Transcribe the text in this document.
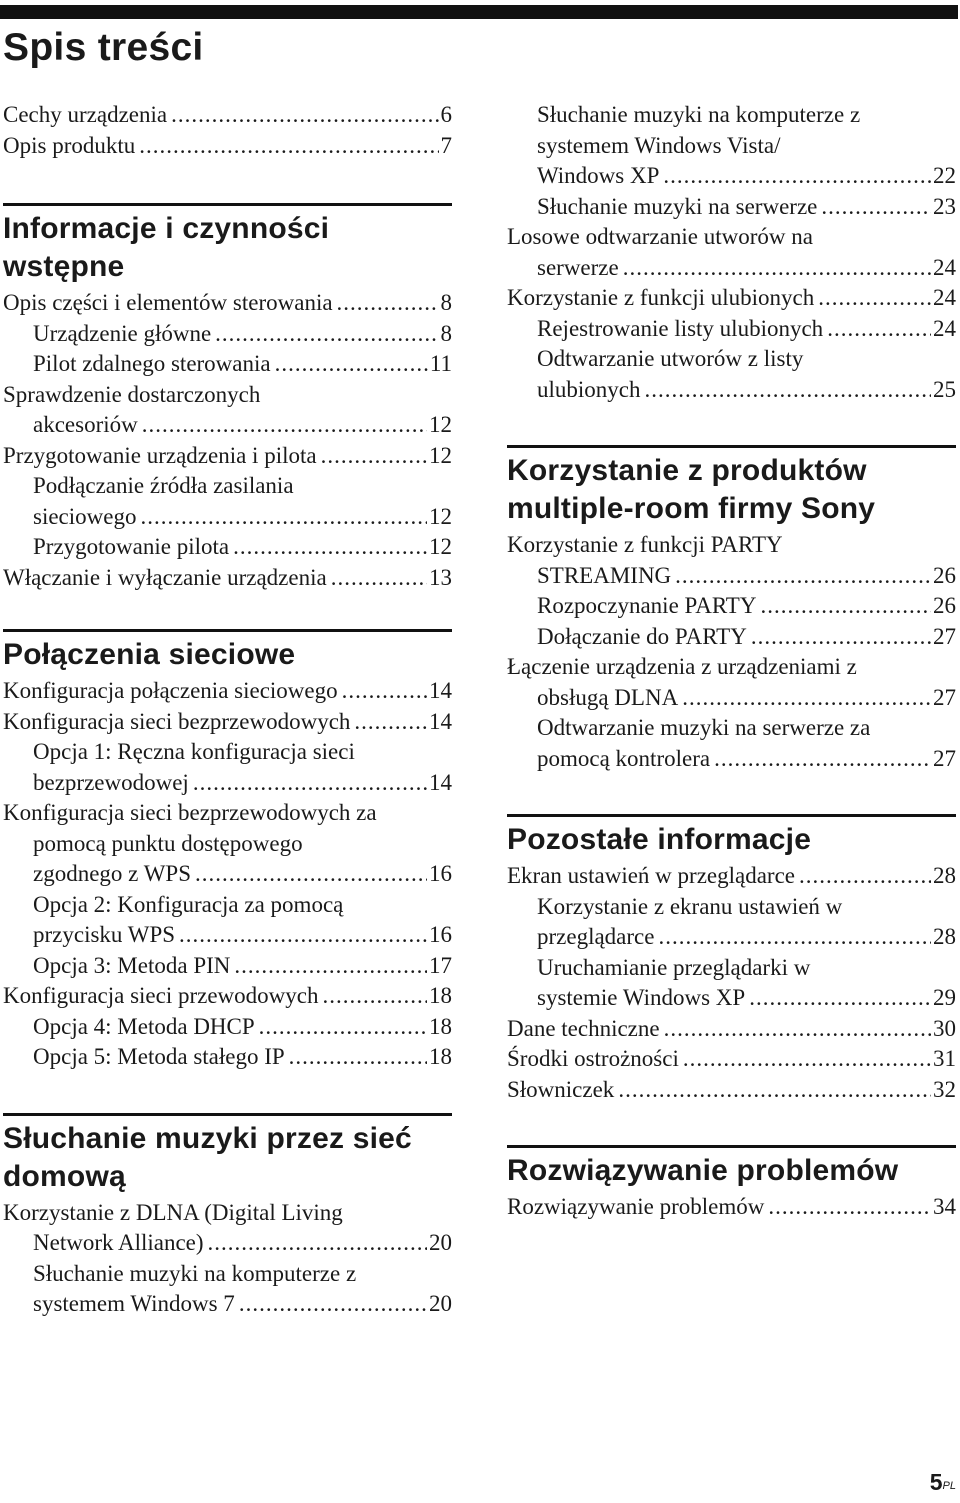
Spis treści
Cechy urządzenia .....	6
Opis produktu .....	7
Informacje i czynności
wstępne
Opis części i elementów sterowania .....	8
Urządzenie główne .....	8
Pilot zdalnego sterowania .....	11
Sprawdzenie dostarczonych
akcesoriów .....	12
Przygotowanie urządzenia i pilota .....	12
Podłączanie źródła zasilania
sieciowego .....	12
Przygotowanie pilota .....	12
Włączanie i wyłączanie urządzenia .....	13
Połączenia sieciowe
Konfiguracja połączenia sieciowego .....	14
Konfiguracja sieci bezprzewodowych .....	14
Opcja 1: Ręczna konfiguracja sieci
bezprzewodowej .....	14
Konfiguracja sieci bezprzewodowych za
pomocą punktu dostępowego
zgodnego z WPS .....	16
Opcja 2: Konfiguracja za pomocą
przycisku WPS .....	16
Opcja 3: Metoda PIN .....	17
Konfiguracja sieci przewodowych .....	18
Opcja 4: Metoda DHCP .....	18
Opcja 5: Metoda stałego IP .....	18
Słuchanie muzyki przez sieć
domową
Korzystanie z DLNA (Digital Living
Network Alliance) .....	20
Słuchanie muzyki na komputerze z
systemem Windows 7 .....	20
Słuchanie muzyki na komputerze z
systemem Windows Vista/
Windows XP .....	22
Słuchanie muzyki na serwerze .....	23
Losowe odtwarzanie utworów na
serwerze .....	24
Korzystanie z funkcji ulubionych .....	24
Rejestrowanie listy ulubionych .....	24
Odtwarzanie utworów z listy
ulubionych .....	25
Korzystanie z produktów
multiple-room firmy Sony
Korzystanie z funkcji PARTY
STREAMING .....	26
Rozpoczynanie PARTY .....	26
Dołączanie do PARTY .....	27
Łączenie urządzenia z urządzeniami z
obsługą DLNA .....	27
Odtwarzanie muzyki na serwerze za
pomocą kontrolera .....	27
Pozostałe informacje
Ekran ustawień w przeglądarce .....	28
Korzystanie z ekranu ustawień w
przeglądarce .....	28
Uruchamianie przeglądarki w
systemie Windows XP .....	29
Dane techniczne .....	30
Środki ostrożności .....	31
Słowniczek .....	32
Rozwiązywanie problemów
Rozwiązywanie problemów .....	34
$5^{PL}$
